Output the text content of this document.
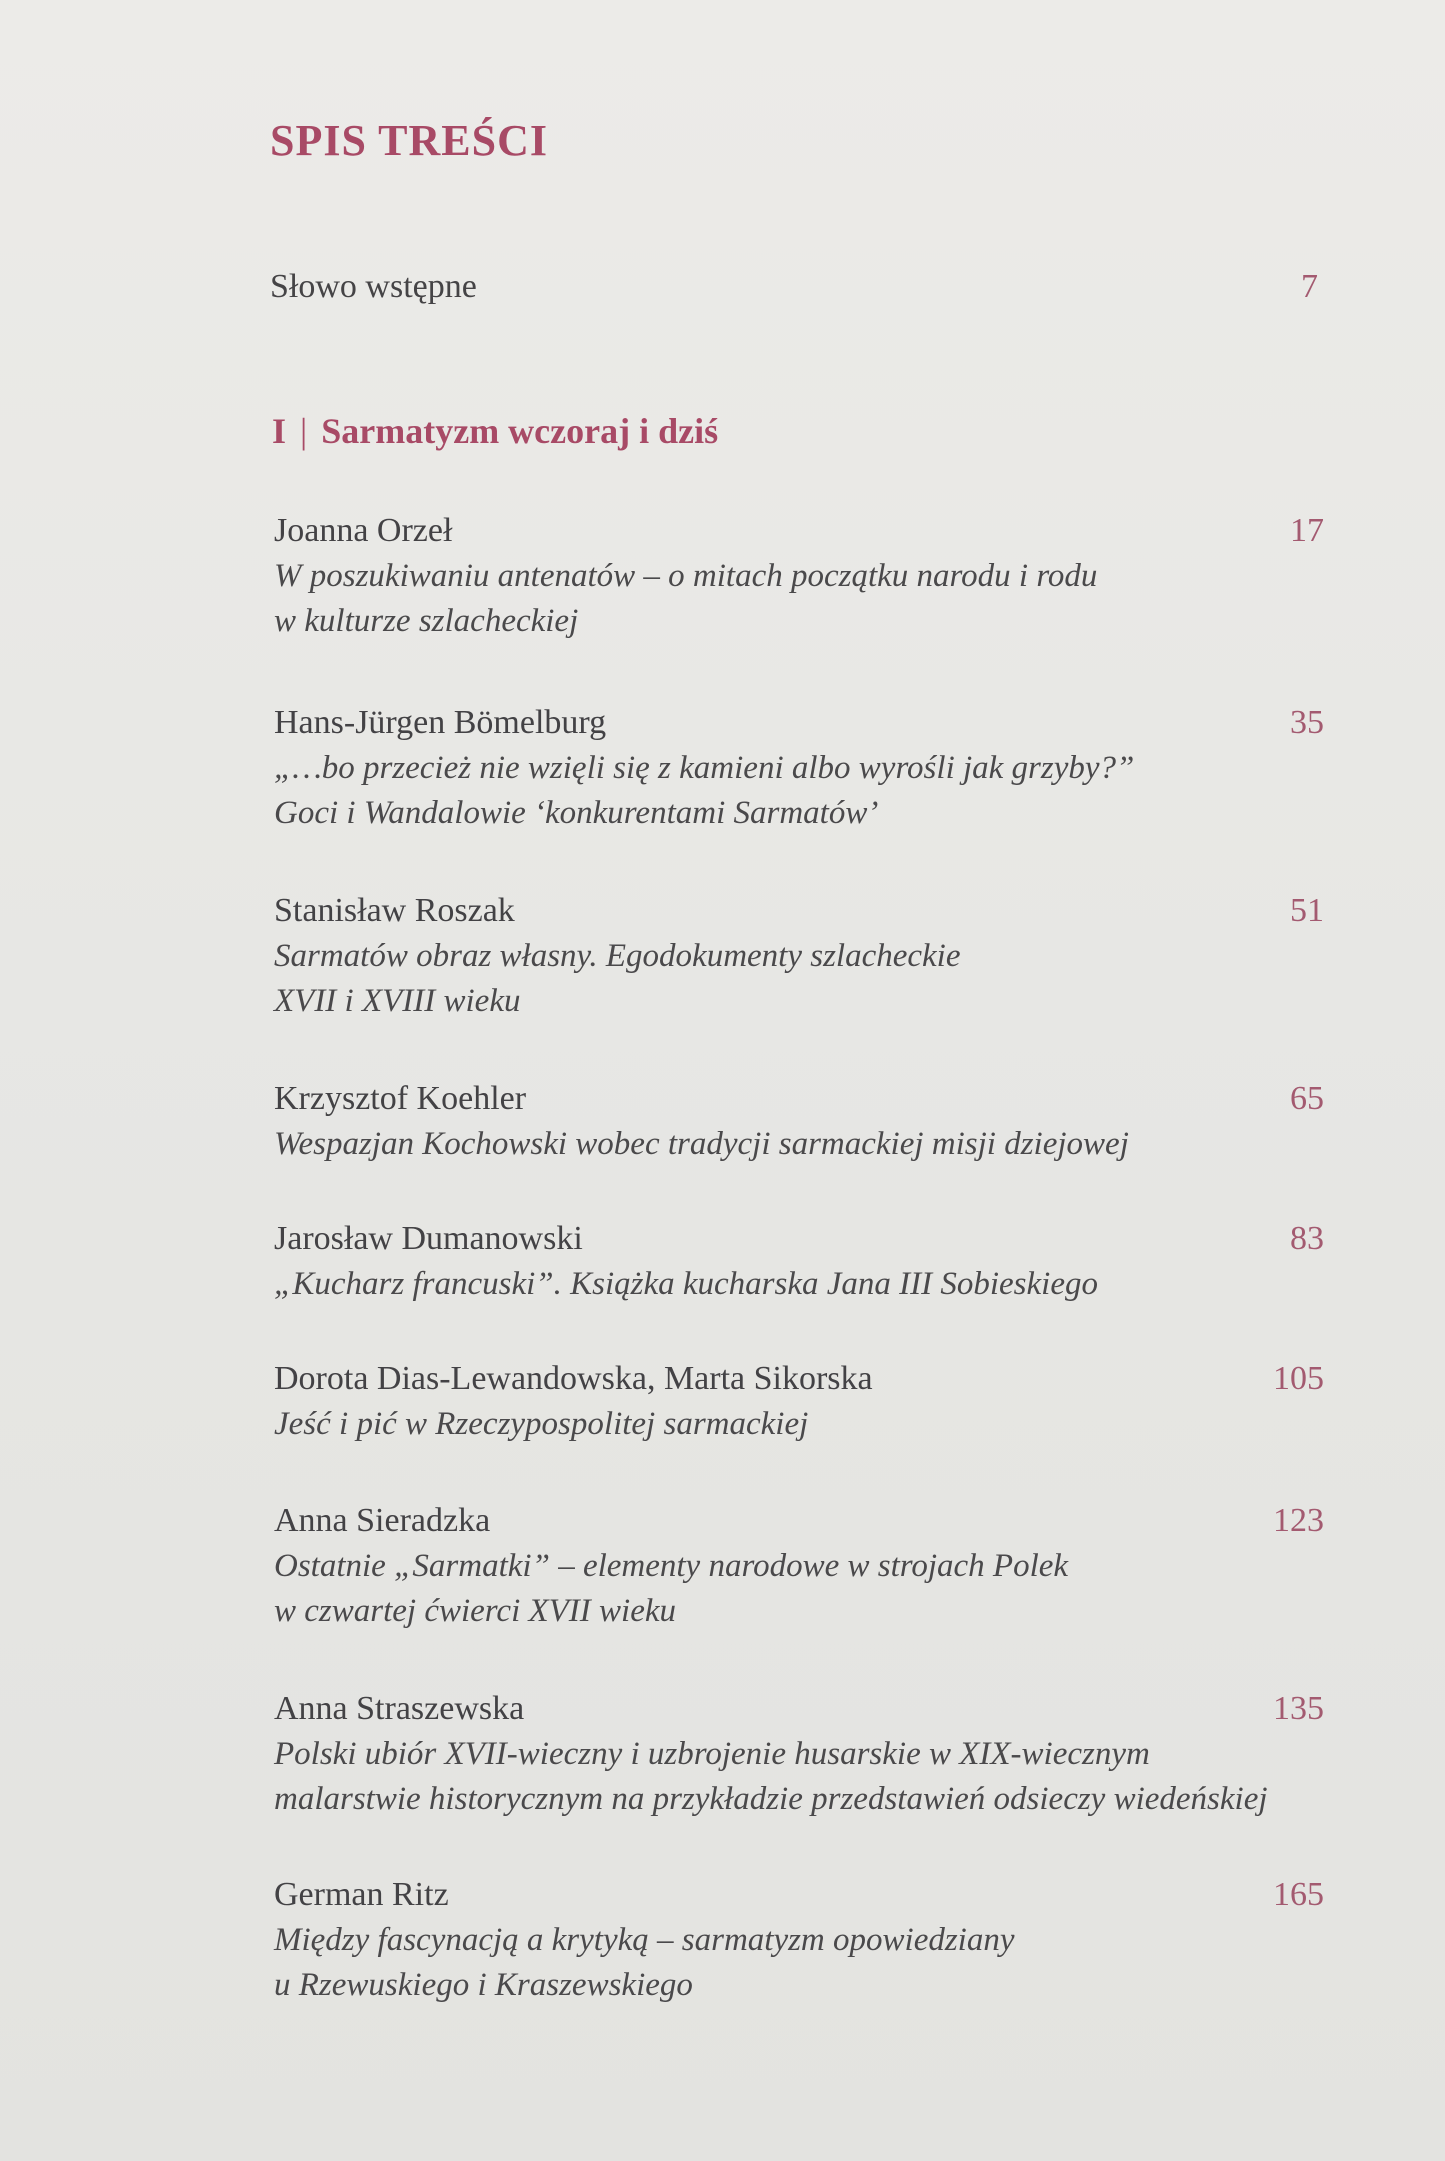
SPIS TREŚCI
Słowo wstępne	7
I | Sarmatyzm wczoraj i dziś
Joanna Orzeł	17
W poszukiwaniu antenatów – o mitach początku narodu i rodu
w kulturze szlacheckiej
Hans-Jürgen Bömelburg	35
„…bo przecież nie wzięli się z kamieni albo wyrośli jak grzyby?”
Goci i Wandalowie ‘konkurentami Sarmatów’
Stanisław Roszak	51
Sarmatów obraz własny. Egodokumenty szlacheckie
XVII i XVIII wieku
Krzysztof Koehler	65
Wespazjan Kochowski wobec tradycji sarmackiej misji dziejowej
Jarosław Dumanowski	83
„Kucharz francuski”. Książka kucharska Jana III Sobieskiego
Dorota Dias-Lewandowska, Marta Sikorska	105
Jeść i pić w Rzeczypospolitej sarmackiej
Anna Sieradzka	123
Ostatnie „Sarmatki” – elementy narodowe w strojach Polek
w czwartej ćwierci XVII wieku
Anna Straszewska	135
Polski ubiór XVII-wieczny i uzbrojenie husarskie w XIX-wiecznym
malarstwie historycznym na przykładzie przedstawień odsieczy wiedeńskiej
German Ritz	165
Między fascynacją a krytyką – sarmatyzm opowiedziany
u Rzewuskiego i Kraszewskiego
